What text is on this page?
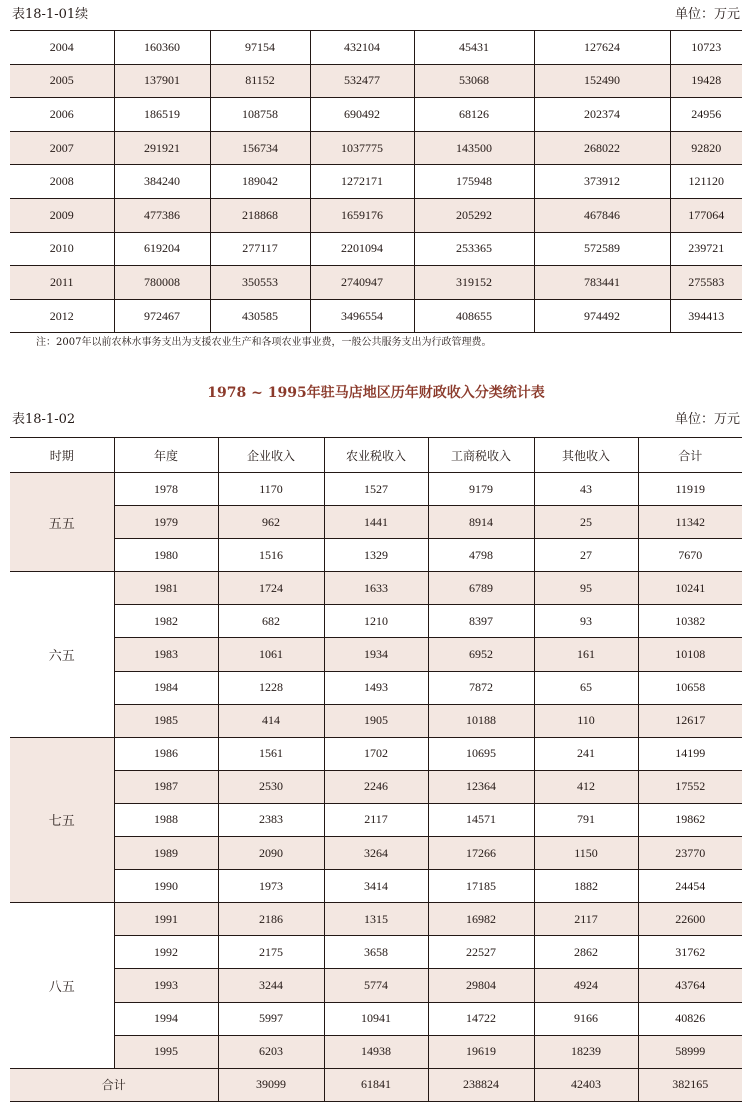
表18-1-01续	单位：万元
2004	160360	97154	432104	45431	127624	10723
2005	137901	81152	532477	53068	152490	19428
2006	186519	108758	690492	68126	202374	24956
2007	291921	156734	1037775	143500	268022	92820
2008	384240	189042	1272171	175948	373912	121120
2009	477386	218868	1659176	205292	467846	177064
2010	619204	277117	2201094	253365	572589	239721
2011	780008	350553	2740947	319152	783441	275583
2012	972467	430585	3496554	408655	974492	394413
注：2007年以前农林水事务支出为支援农业生产和各项农业事业费，一般公共服务支出为行政管理费。
1978 ~ 1995年驻马店地区历年财政收入分类统计表
表18-1-02	单位：万元
时期	年度	企业收入	农业税收入	工商税收入	其他收入	合计
五五	1978	1170	1527	9179	43	11919
	1979	962	1441	8914	25	11342
	1980	1516	1329	4798	27	7670
六五	1981	1724	1633	6789	95	10241
	1982	682	1210	8397	93	10382
	1983	1061	1934	6952	161	10108
	1984	1228	1493	7872	65	10658
	1985	414	1905	10188	110	12617
七五	1986	1561	1702	10695	241	14199
	1987	2530	2246	12364	412	17552
	1988	2383	2117	14571	791	19862
	1989	2090	3264	17266	1150	23770
	1990	1973	3414	17185	1882	24454
八五	1991	2186	1315	16982	2117	22600
	1992	2175	3658	22527	2862	31762
	1993	3244	5774	29804	4924	43764
	1994	5997	10941	14722	9166	40826
	1995	6203	14938	19619	18239	58999
合计		39099	61841	238824	42403	382165
